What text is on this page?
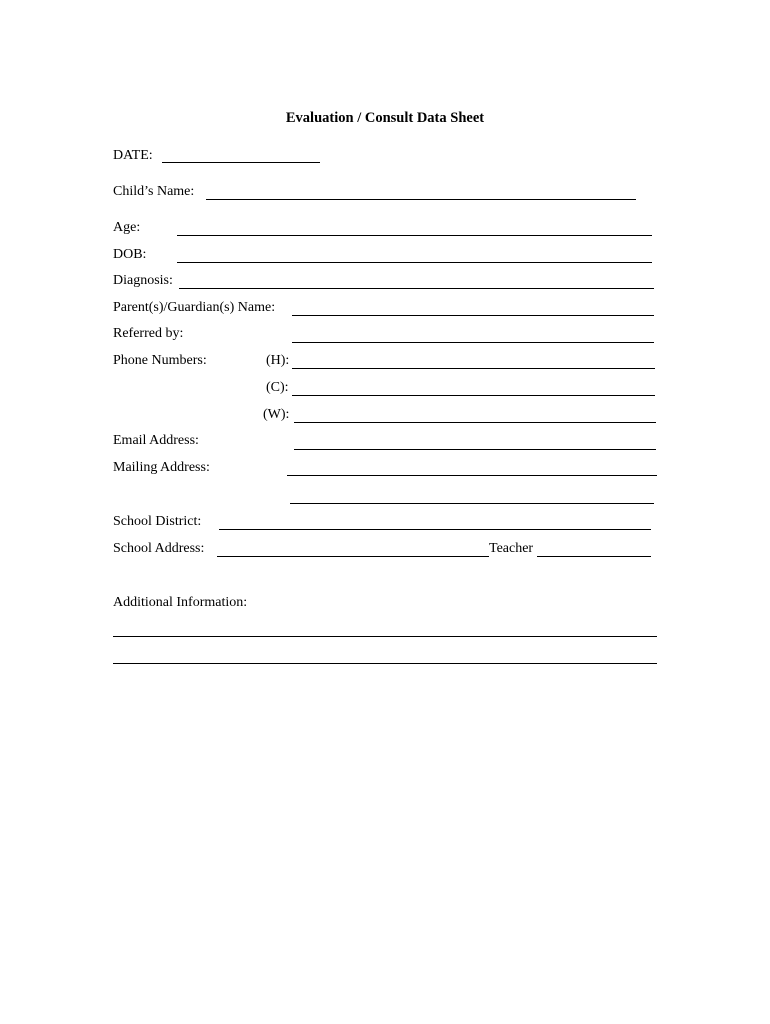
Evaluation / Consult Data Sheet
DATE:
Child’s Name:
Age:
DOB:
Diagnosis:
Parent(s)/Guardian(s) Name:
Referred by:
Phone Numbers:	(H):
(C):
(W):
Email Address:
Mailing Address:
School District:
School Address:	Teacher
Additional Information:
